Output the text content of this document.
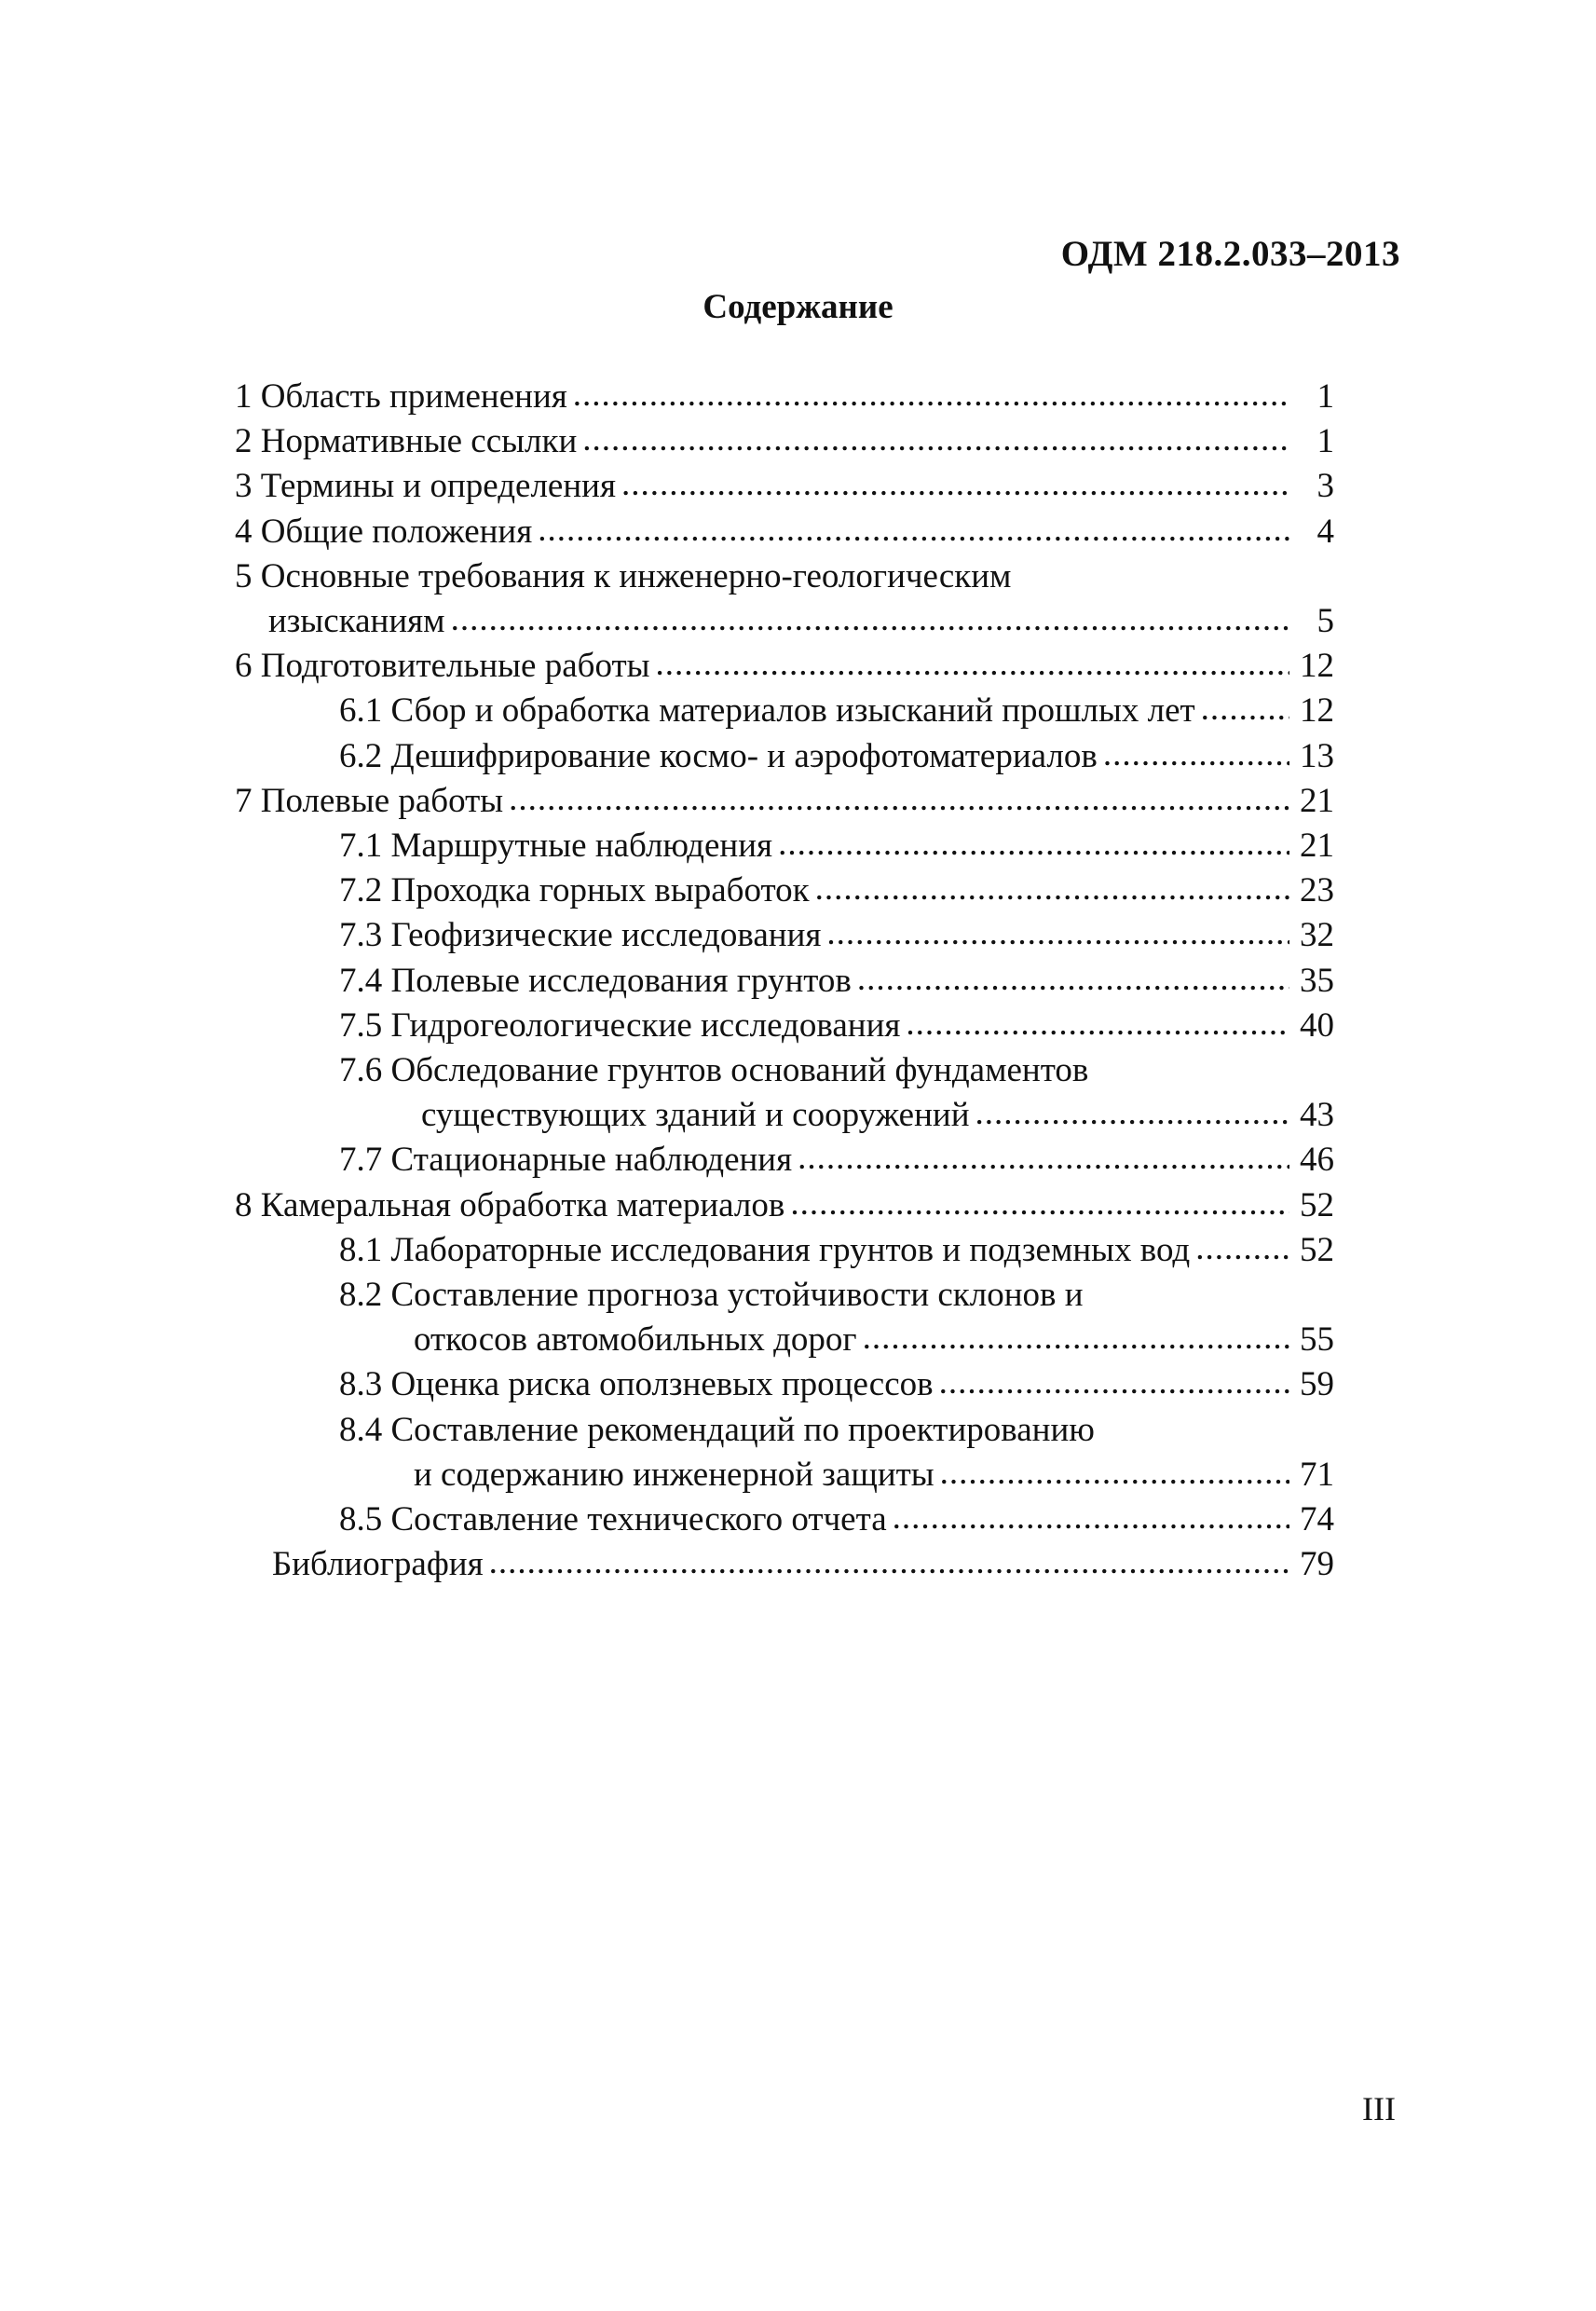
ОДМ 218.2.033–2013
Содержание
1 Область применения .....	1
2 Нормативные ссылки .....	1
3 Термины и определения .....	3
4 Общие положения .....	4
5 Основные требования к инженерно-геологическим
изысканиям .....	5
6 Подготовительные работы .....	12
6.1 Сбор и обработка материалов изысканий прошлых лет .....	12
6.2 Дешифрирование космо- и аэрофотоматериалов .....	13
7 Полевые работы .....	21
7.1 Маршрутные наблюдения .....	21
7.2 Проходка горных выработок .....	23
7.3 Геофизические исследования .....	32
7.4 Полевые исследования грунтов .....	35
7.5 Гидрогеологические исследования .....	40
7.6 Обследование грунтов оснований фундаментов
существующих зданий и сооружений .....	43
7.7 Стационарные наблюдения .....	46
8 Камеральная обработка материалов .....	52
8.1 Лабораторные исследования грунтов и подземных вод .....	52
8.2 Составление прогноза устойчивости склонов и
откосов автомобильных дорог .....	55
8.3 Оценка риска оползневых процессов .....	59
8.4 Составление рекомендаций по проектированию
и содержанию инженерной защиты .....	71
8.5 Составление технического отчета .....	74
Библиография .....	79
III
